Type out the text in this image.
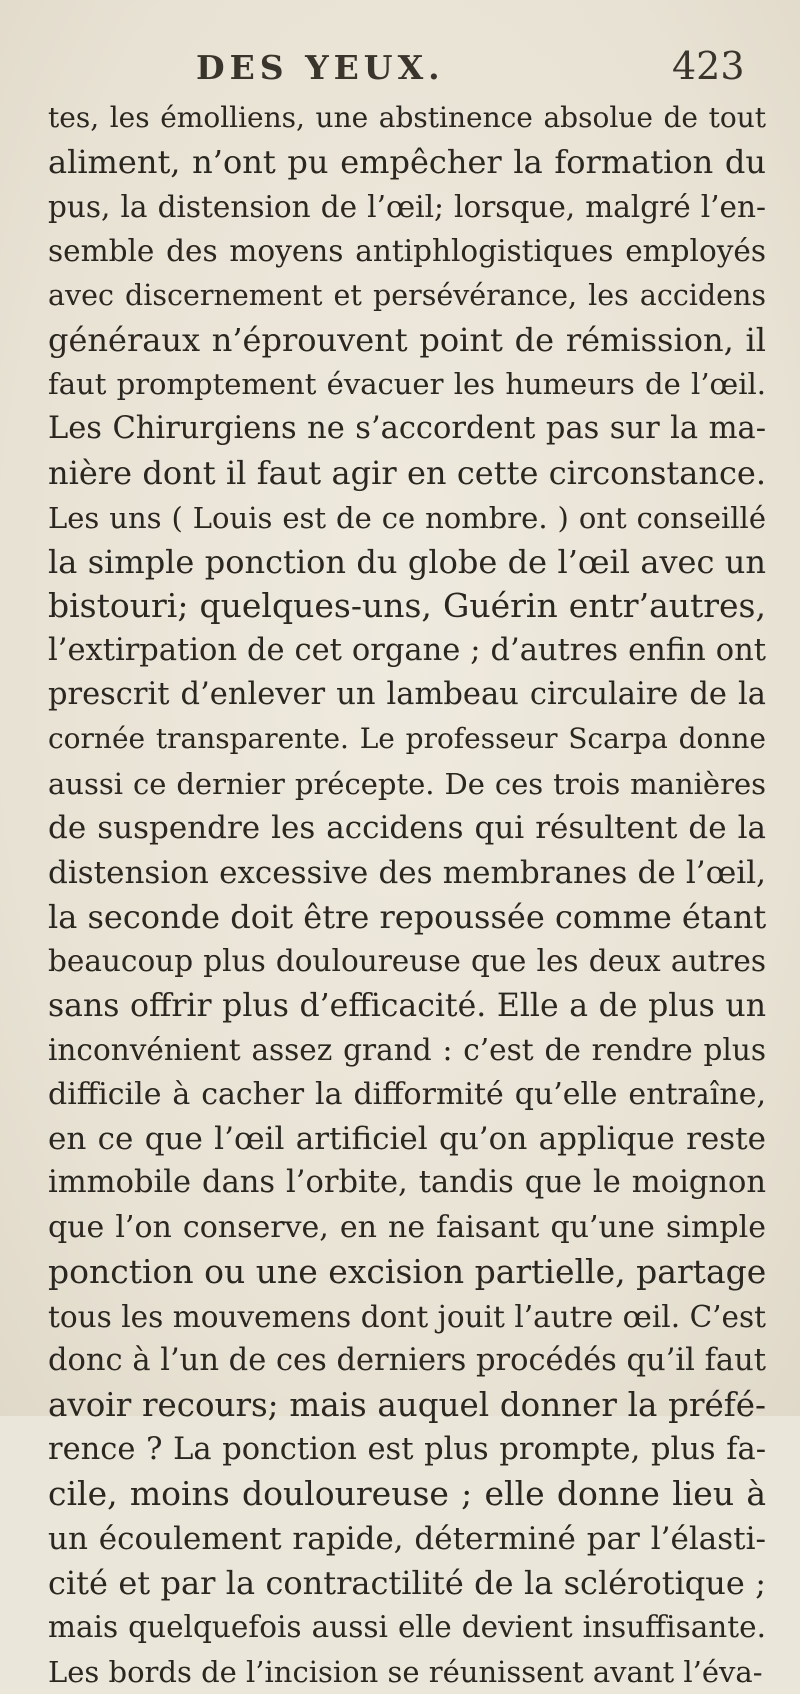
DES YEUX.	423
tes, les émolliens, une abstinence absolue de tout
aliment, n’ont pu empêcher la formation du
pus, la distension de l’œil; lorsque, malgré l’en-
semble des moyens antiphlogistiques employés
avec discernement et persévérance, les accidens
généraux n’éprouvent point de rémission, il
faut promptement évacuer les humeurs de l’œil.
Les Chirurgiens ne s’accordent pas sur la ma-
nière dont il faut agir en cette circonstance.
Les uns ( Louis est de ce nombre. ) ont conseillé
la simple ponction du globe de l’œil avec un
bistouri; quelques-uns, Guérin entr’autres,
l’extirpation de cet organe ; d’autres enfin ont
prescrit d’enlever un lambeau circulaire de la
cornée transparente. Le professeur Scarpa donne
aussi ce dernier précepte. De ces trois manières
de suspendre les accidens qui résultent de la
distension excessive des membranes de l’œil,
la seconde doit être repoussée comme étant
beaucoup plus douloureuse que les deux autres
sans offrir plus d’efficacité. Elle a de plus un
inconvénient assez grand : c’est de rendre plus
difficile à cacher la difformité qu’elle entraîne,
en ce que l’œil artificiel qu’on applique reste
immobile dans l’orbite, tandis que le moignon
que l’on conserve, en ne faisant qu’une simple
ponction ou une excision partielle, partage
tous les mouvemens dont jouit l’autre œil. C’est
donc à l’un de ces derniers procédés qu’il faut
avoir recours; mais auquel donner la préfé-
rence ? La ponction est plus prompte, plus fa-
cile, moins douloureuse ; elle donne lieu à
un écoulement rapide, déterminé par l’élasti-
cité et par la contractilité de la sclérotique ;
mais quelquefois aussi elle devient insuffisante.
Les bords de l’incision se réunissent avant l’éva-
